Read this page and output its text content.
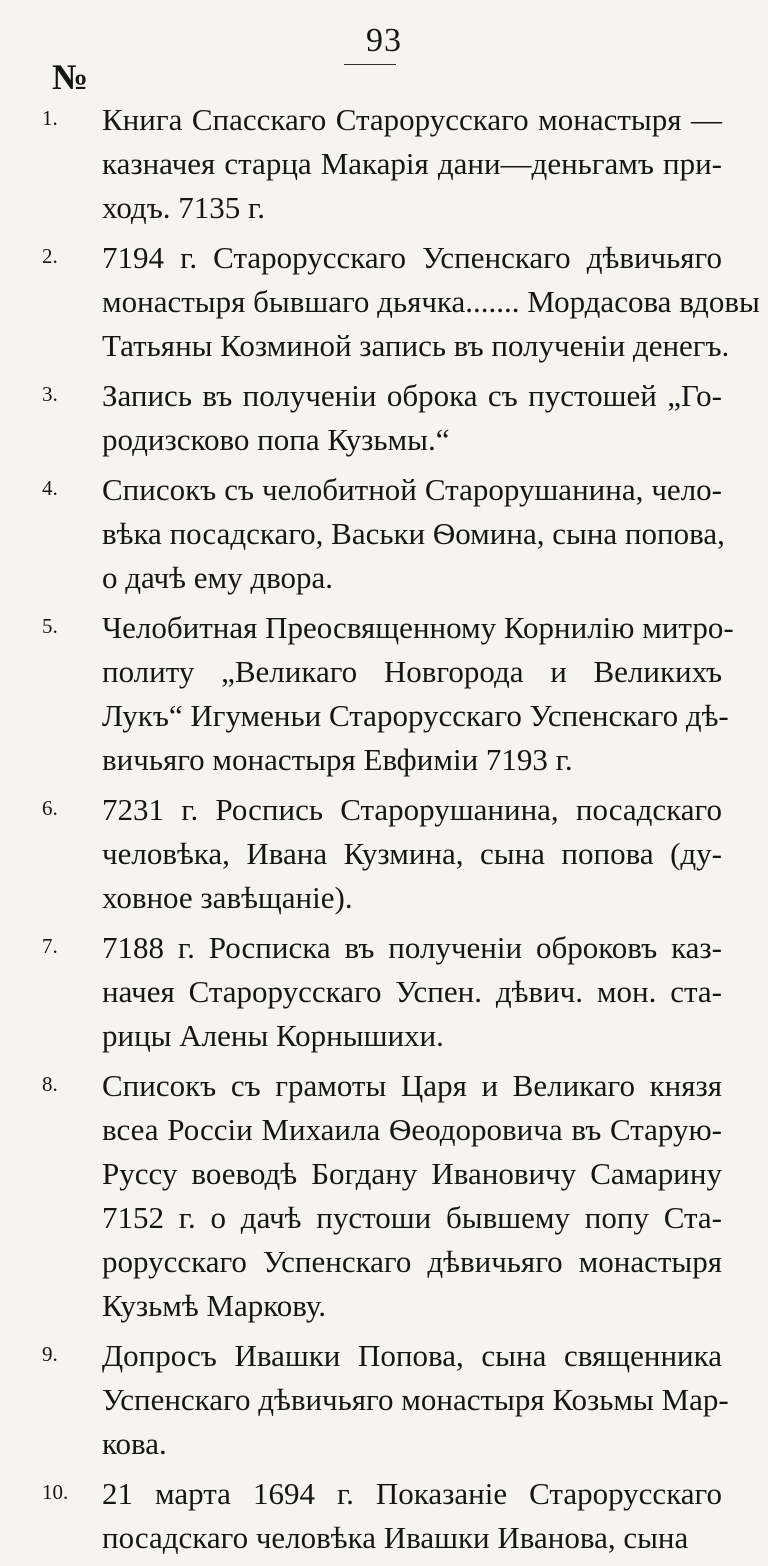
93
№
1.	Книга Спасскаго Старорусскаго монастыря —
казначея старца Макарія дани—деньгамъ при-
ходъ. 7135 г.
2.	7194 г. Старорусскаго Успенскаго дѣвичьяго
монастыря бывшаго дьячка....... Мордасова вдовы
Татьяны Козминой запись въ полученіи денегъ.
3.	Запись въ полученіи оброка съ пустошей „Го-
родизсково попа Кузьмы.“
4.	Списокъ съ челобитной Старорушанина, чело-
вѣка посадскаго, Васьки Ѳомина, сына попова,
о дачѣ ему двора.
5.	Челобитная Преосвященному Корнилію митро-
политу „Великаго Новгорода и Великихъ
Лукъ“ Игуменьи Старорусскаго Успенскаго дѣ-
вичьяго монастыря Евфиміи 7193 г.
6.	7231 г. Роспись Старорушанина, посадскаго
человѣка, Ивана Кузмина, сына попова (ду-
ховное завѣщаніе).
7.	7188 г. Росписка въ полученіи оброковъ каз-
начея Старорусскаго Успен. дѣвич. мон. ста-
рицы Алены Корнышихи.
8.	Списокъ съ грамоты Царя и Великаго князя
всеа Россіи Михаила Ѳеодоровича въ Старую-
Руссу воеводѣ Богдану Ивановичу Самарину
7152 г. о дачѣ пустоши бывшему попу Ста-
рорусскаго Успенскаго дѣвичьяго монастыря
Кузьмѣ Маркову.
9.	Допросъ Ивашки Попова, сына священника
Успенскаго дѣвичьяго монастыря Козьмы Мар-
кова.
10.	21 марта 1694 г. Показаніе Старорусскаго
посадскаго человѣка Ивашки Иванова, сына
